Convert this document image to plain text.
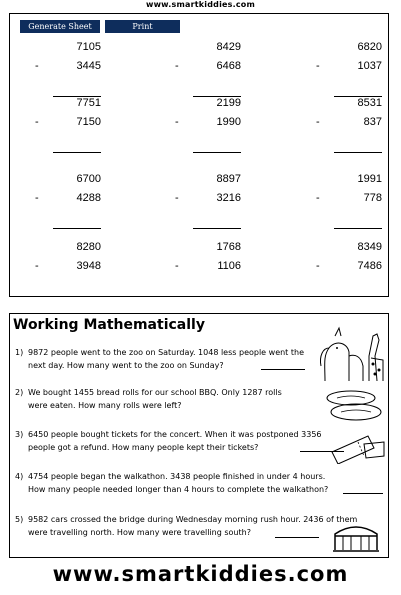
www.smartkiddies.com
Generate Sheet	Print
7105
-	3445
8429
-	6468
6820
-	1037
7751
-	7150
2199
-	1990
8531
-	837
6700
-	4288
8897
-	3216
1991
-	778
8280
-	3948
1768
-	1106
8349
-	7486
Working Mathematically
1) 9872 people went to the zoo on Saturday. 1048 less people went the
next day. How many went to the zoo on Sunday?
2) We bought 1455 bread rolls for our school BBQ. Only 1287 rolls
were eaten. How many rolls were left?
3) 6450 people bought tickets for the concert. When it was postponed 3356
people got a refund. How many people kept their tickets?
4) 4754 people began the walkathon. 3438 people finished in under 4 hours.
How many people needed longer than 4 hours to complete the walkathon?
5) 9582 cars crossed the bridge during Wednesday morning rush hour. 2436 of them
were travelling north. How many were travelling south?
www.smartkiddies.com
